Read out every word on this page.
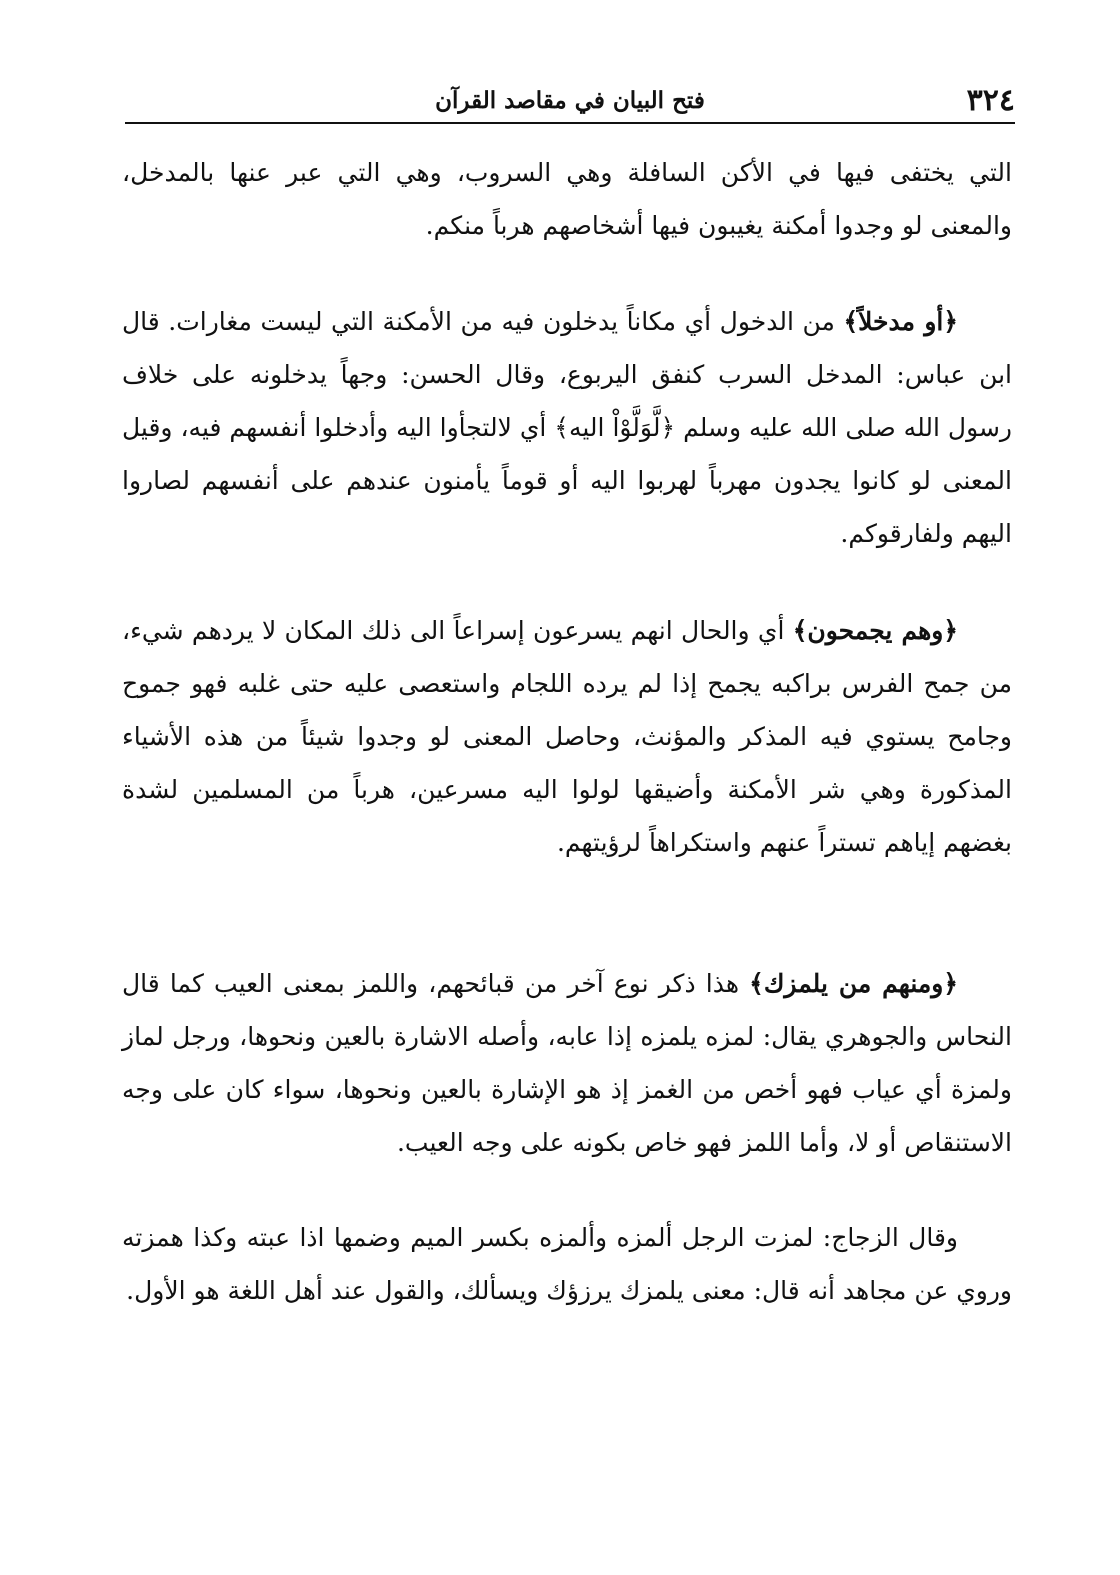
٣٢٤
فتح البيان في مقاصد القرآن

التي يختفى فيها في الأكن السافلة وهي السروب، وهي التي عبر عنها بالمدخل، والمعنى لو وجدوا أمكنة يغيبون فيها أشخاصهم هرباً منكم.

﴿أو مدخلاً﴾ من الدخول أي مكاناً يدخلون فيه من الأمكنة التي ليست مغارات. قال ابن عباس: المدخل السرب كنفق اليربوع، وقال الحسن: وجهاً يدخلونه على خلاف رسول الله صلى الله عليه وسلم ﴿لَّوَلَّوْاْ اليه﴾ أي لالتجأوا اليه وأدخلوا أنفسهم فيه، وقيل المعنى لو كانوا يجدون مهرباً لهربوا اليه أو قوماً يأمنون عندهم على أنفسهم لصاروا اليهم ولفارقوكم.

﴿وهم يجمحون﴾ أي والحال انهم يسرعون إسراعاً الى ذلك المكان لا يردهم شيء، من جمح الفرس براكبه يجمح إذا لم يرده اللجام واستعصى عليه حتى غلبه فهو جموح وجامح يستوي فيه المذكر والمؤنث، وحاصل المعنى لو وجدوا شيئاً من هذه الأشياء المذكورة وهي شر الأمكنة وأضيقها لولوا اليه مسرعين، هرباً من المسلمين لشدة بغضهم إياهم تستراً عنهم واستكراهاً لرؤيتهم.

﴿ومنهم من يلمزك﴾ هذا ذكر نوع آخر من قبائحهم، واللمز بمعنى العيب كما قال النحاس والجوهري يقال: لمزه يلمزه إذا عابه، وأصله الاشارة بالعين ونحوها، ورجل لماز ولمزة أي عياب فهو أخص من الغمز إذ هو الإشارة بالعين ونحوها، سواء كان على وجه الاستنقاص أو لا، وأما اللمز فهو خاص بكونه على وجه العيب.

وقال الزجاج: لمزت الرجل ألمزه وألمزه بكسر الميم وضمها اذا عبته وكذا همزته وروي عن مجاهد أنه قال: معنى يلمزك يرزؤك ويسألك، والقول عند أهل اللغة هو الأول.
